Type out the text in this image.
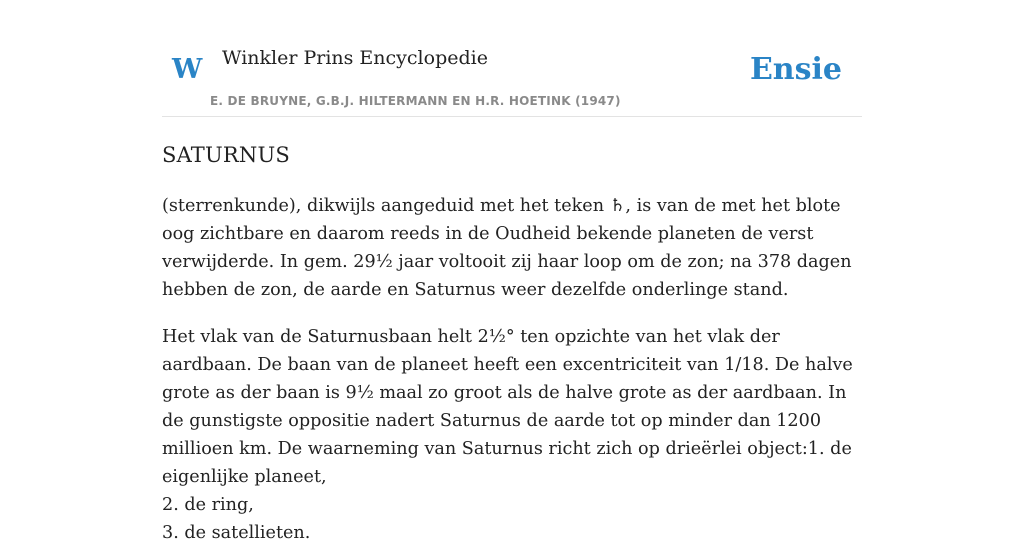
W Winkler Prins Encyclopedie
E. DE BRUYNE, G.B.J. HILTERMANN EN H.R. HOETINK (1947)
Ensie
SATURNUS

(sterrenkunde), dikwijls aangeduid met het teken ♄, is van de met het blote oog zichtbare en daarom reeds in de Oudheid bekende planeten de verst verwijderde. In gem. 29½ jaar voltooit zij haar loop om de zon; na 378 dagen hebben de zon, de aarde en Saturnus weer dezelfde onderlinge stand.

Het vlak van de Saturnusbaan helt 2½° ten opzichte van het vlak der aardbaan. De baan van de planeet heeft een excentriciteit van 1/18. De halve grote as der baan is 9½ maal zo groot als de halve grote as der aardbaan. In de gunstigste oppositie nadert Saturnus de aarde tot op minder dan 1200 millioen km. De waarneming van Saturnus richt zich op drieërlei object:1. de eigenlijke planeet,
2. de ring,
3. de satellieten.
